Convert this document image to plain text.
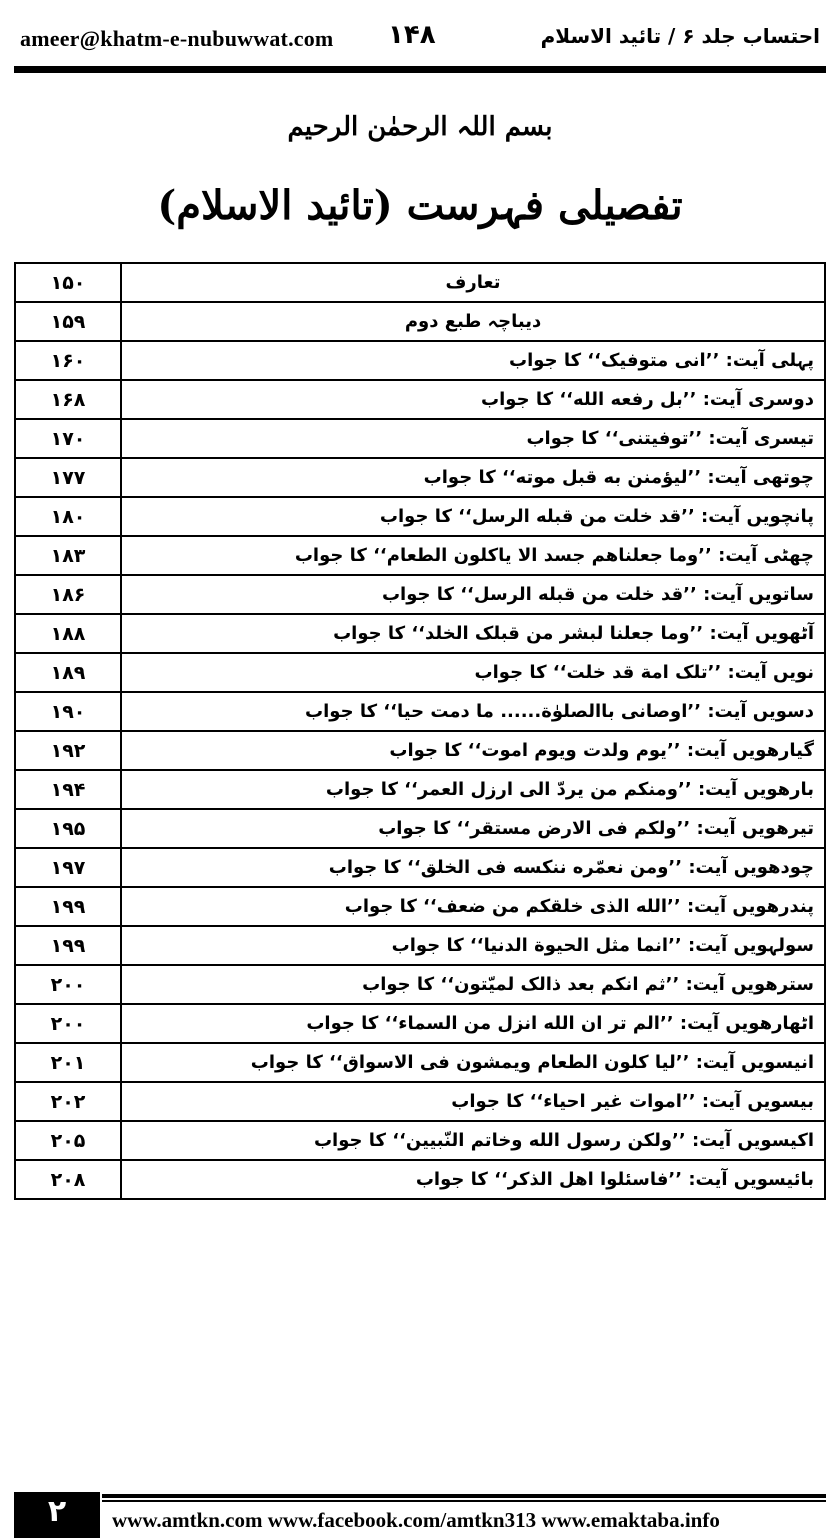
ameer@khatm-e-nubuwwat.com ۱۴۸	احتساب جلد ۶ / تائید الاسلام
بسم اللہ الرحمٰن الرحیم
تفصیلی فہرست (تائید الاسلام)
۱۵۰	تعارف
۱۵۹	دیباچہ طبع دوم
۱۶۰	پہلی آیت: ’’انی متوفیک‘‘ کا جواب
۱۶۸	دوسری آیت: ’’بل رفعه الله‘‘ کا جواب
۱۷۰	تیسری آیت: ’’توفیتنی‘‘ کا جواب
۱۷۷	چوتھی آیت: ’’لیؤمنن به قبل موته‘‘ کا جواب
۱۸۰	پانچویں آیت: ’’قد خلت من قبله الرسل‘‘ کا جواب
۱۸۳	چھٹی آیت: ’’وما جعلناهم جسد الا یاکلون الطعام‘‘ کا جواب
۱۸۶	ساتویں آیت: ’’قد خلت من قبله الرسل‘‘ کا جواب
۱۸۸	آٹھویں آیت: ’’وما جعلنا لبشر من قبلک الخلد‘‘ کا جواب
۱۸۹	نویں آیت: ’’تلک امة قد خلت‘‘ کا جواب
۱۹۰	دسویں آیت: ’’اوصانی باالصلوٰة...... ما دمت حیا‘‘ کا جواب
۱۹۲	گیارھویں آیت: ’’یوم ولدت ویوم اموت‘‘ کا جواب
۱۹۴	بارھویں آیت: ’’ومنکم من یردّ الی ارزل العمر‘‘ کا جواب
۱۹۵	تیرھویں آیت: ’’ولکم فی الارض مستقر‘‘ کا جواب
۱۹۷	چودھویں آیت: ’’ومن نعمّره ننکسه فی الخلق‘‘ کا جواب
۱۹۹	پندرھویں آیت: ’’الله الذی خلقکم من ضعف‘‘ کا جواب
۱۹۹	سولہویں آیت: ’’انما مثل الحیوة الدنیا‘‘ کا جواب
۲۰۰	سترھویں آیت: ’’ثم انکم بعد ذالک لمیّتون‘‘ کا جواب
۲۰۰	اٹھارھویں آیت: ’’الم تر ان الله انزل من السماء‘‘ کا جواب
۲۰۱	انیسویں آیت: ’’لیا کلون الطعام ویمشون فی الاسواق‘‘ کا جواب
۲۰۲	بیسویں آیت: ’’اموات غیر احیاء‘‘ کا جواب
۲۰۵	اکیسویں آیت: ’’ولکن رسول الله وخاتم النّبیین‘‘ کا جواب
۲۰۸	بائیسویں آیت: ’’فاسئلوا اهل الذکر‘‘ کا جواب
۲	www.amtkn.com www.facebook.com/amtkn313 www.emaktaba.info
